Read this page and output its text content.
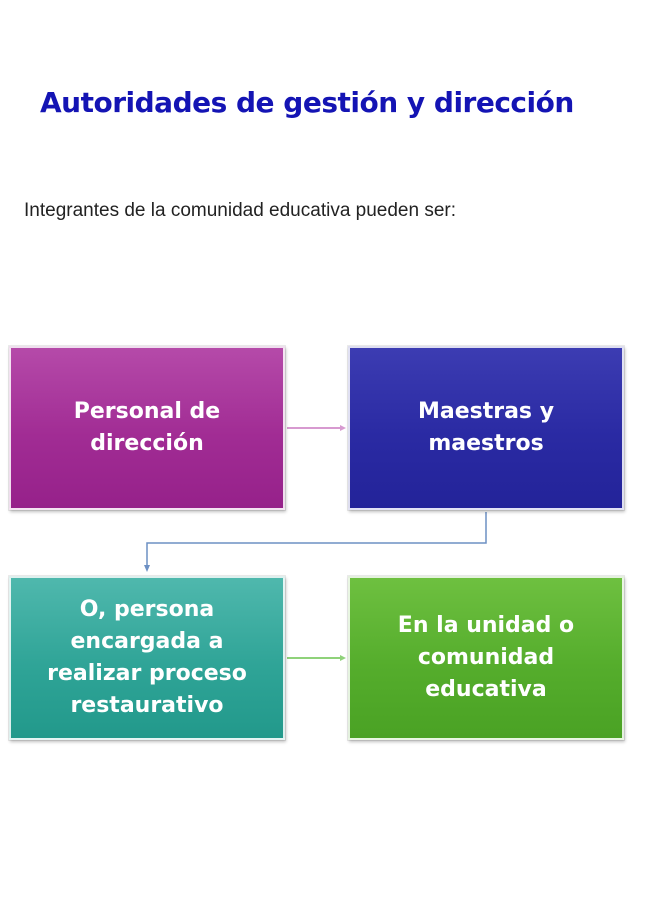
Autoridades de gestión y dirección

Integrantes de la comunidad educativa pueden ser:

Personal de dirección
Maestras y maestros
O, persona encargada a realizar proceso restaurativo
En la unidad o comunidad educativa
